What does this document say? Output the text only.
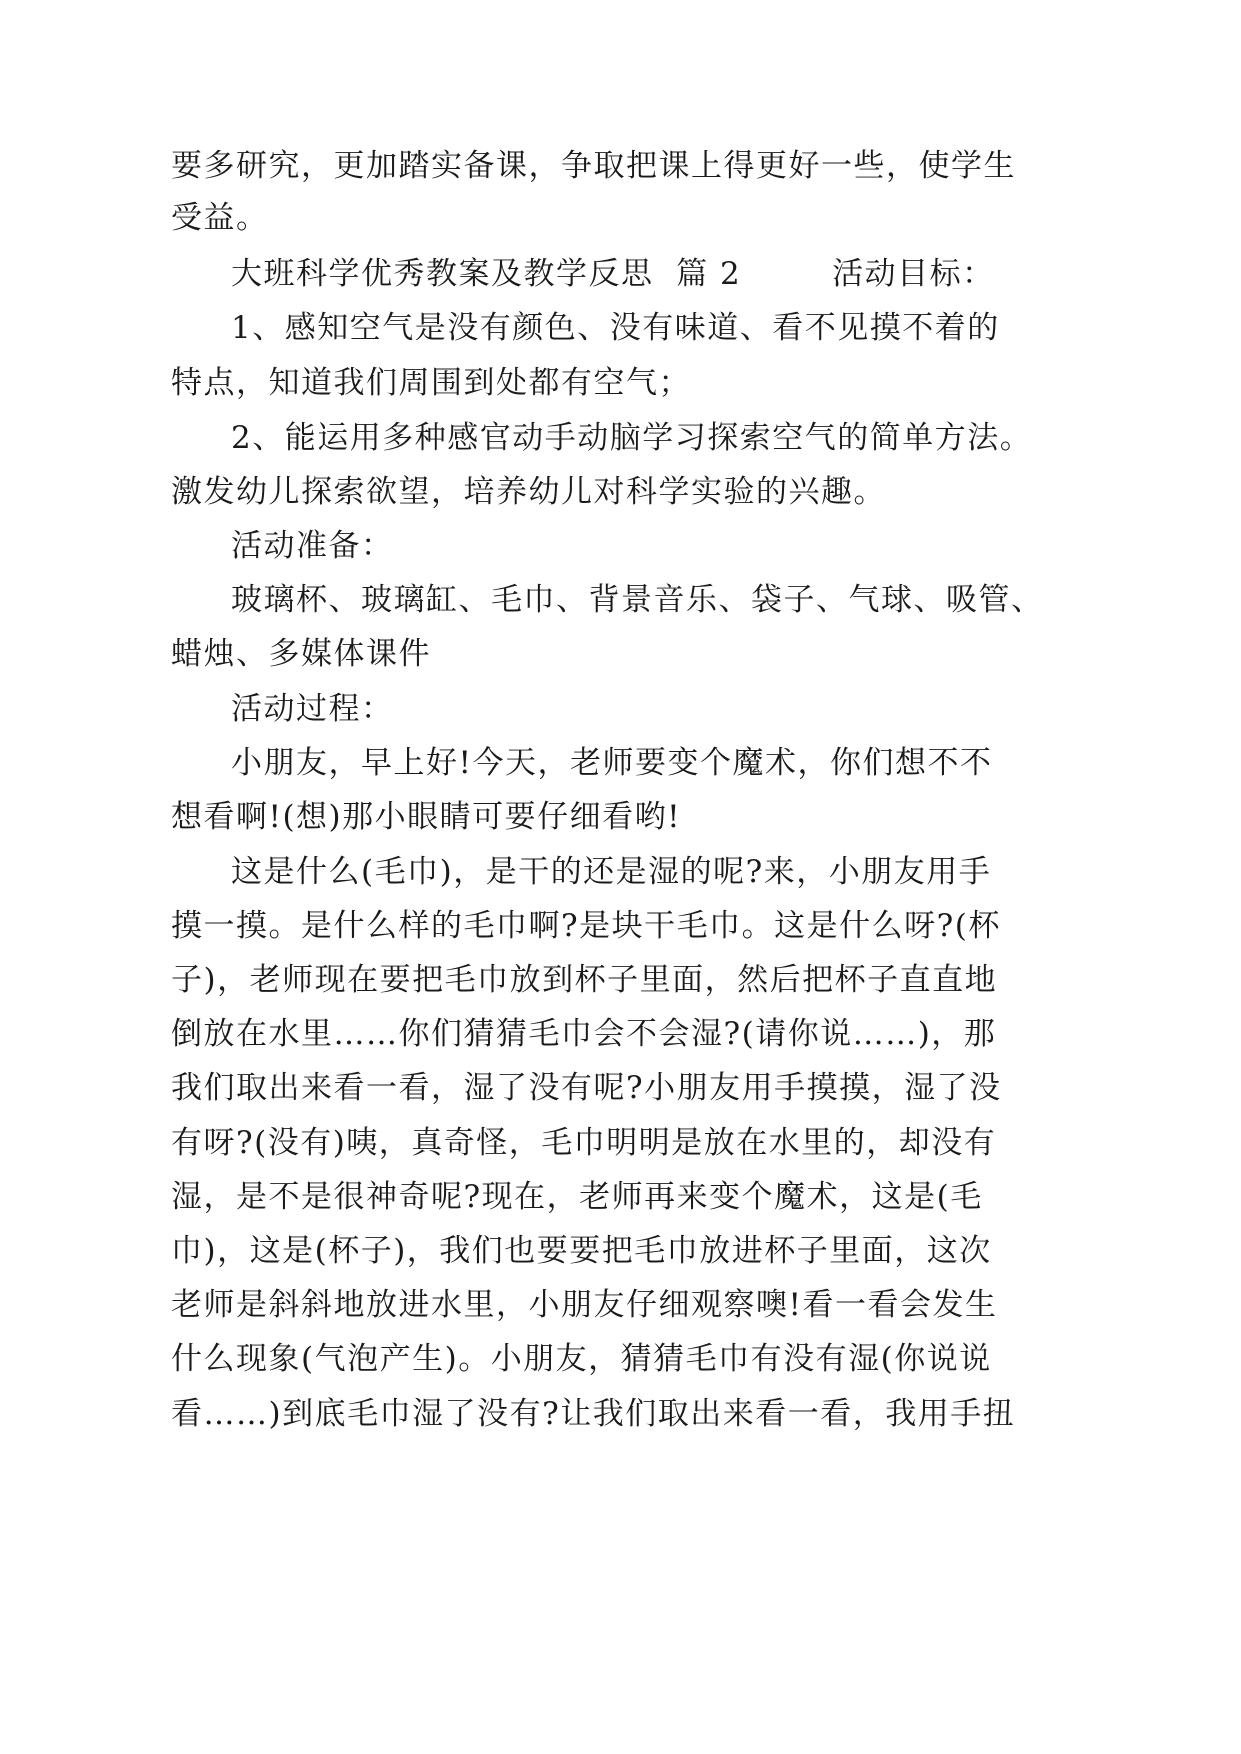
要多研究，更加踏实备课，争取把课上得更好一些，使学生
受益。
大班科学优秀教案及教学反思  篇 2        活动目标：
1、感知空气是没有颜色、没有味道、看不见摸不着的
特点，知道我们周围到处都有空气；
2、能运用多种感官动手动脑学习探索空气的简单方法。
激发幼儿探索欲望，培养幼儿对科学实验的兴趣。
活动准备：
玻璃杯、玻璃缸、毛巾、背景音乐、袋子、气球、吸管、
蜡烛、多媒体课件
活动过程：
小朋友，早上好!今天，老师要变个魔术，你们想不不
想看啊!(想)那小眼睛可要仔细看哟!
这是什么(毛巾)，是干的还是湿的呢?来，小朋友用手
摸一摸。是什么样的毛巾啊?是块干毛巾。这是什么呀?(杯
子)，老师现在要把毛巾放到杯子里面，然后把杯子直直地
倒放在水里……你们猜猜毛巾会不会湿?(请你说……)，那
我们取出来看一看，湿了没有呢?小朋友用手摸摸，湿了没
有呀?(没有)咦，真奇怪，毛巾明明是放在水里的，却没有
湿，是不是很神奇呢?现在，老师再来变个魔术，这是(毛
巾)，这是(杯子)，我们也要要把毛巾放进杯子里面，这次
老师是斜斜地放进水里，小朋友仔细观察噢!看一看会发生
什么现象(气泡产生)。小朋友，猜猜毛巾有没有湿(你说说
看……)到底毛巾湿了没有?让我们取出来看一看，我用手扭
